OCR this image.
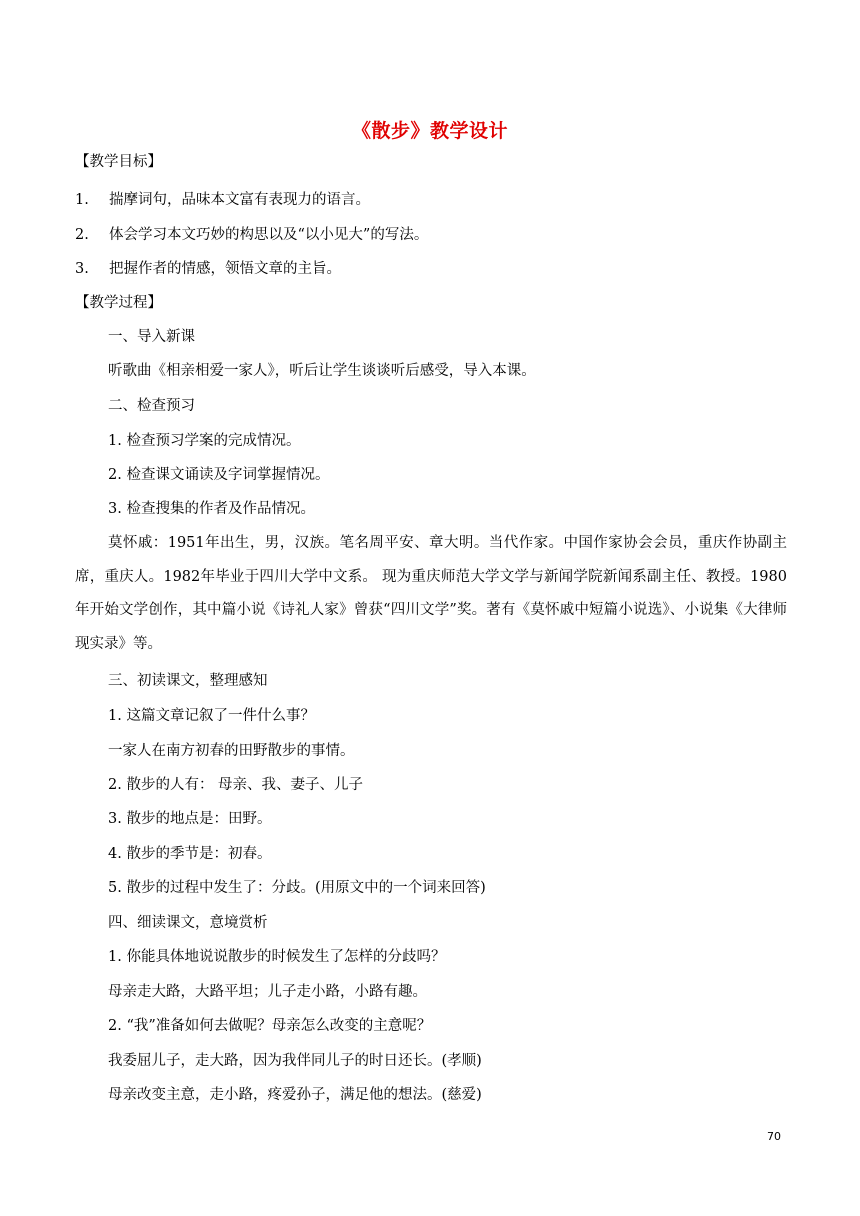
《散步》教学设计
【教学目标】
1. 揣摩词句，品味本文富有表现力的语言。
2. 体会学习本文巧妙的构思以及“以小见大”的写法。
3. 把握作者的情感，领悟文章的主旨。
【教学过程】
一、导入新课
听歌曲《相亲相爱一家人》，听后让学生谈谈听后感受，导入本课。
二、检查预习
1. 检查预习学案的完成情况。
2. 检查课文诵读及字词掌握情况。
3. 检查搜集的作者及作品情况。
莫怀戚：1951年出生，男，汉族。笔名周平安、章大明。当代作家。中国作家协会会员，重庆作协副主席，重庆人。1982年毕业于四川大学中文系。 现为重庆师范大学文学与新闻学院新闻系副主任、教授。1980年开始文学创作，其中篇小说《诗礼人家》曾获“四川文学”奖。著有《莫怀戚中短篇小说选》、小说集《大律师现实录》等。
三、初读课文，整理感知
1. 这篇文章记叙了一件什么事？
一家人在南方初春的田野散步的事情。
2. 散步的人有： 母亲、我、妻子、儿子
3. 散步的地点是：田野。
4. 散步的季节是：初春。
5. 散步的过程中发生了：分歧。(用原文中的一个词来回答)
四、细读课文，意境赏析
1. 你能具体地说说散步的时候发生了怎样的分歧吗？
母亲走大路，大路平坦；儿子走小路，小路有趣。
2. “我”准备如何去做呢？母亲怎么改变的主意呢？
我委屈儿子，走大路，因为我伴同儿子的时日还长。(孝顺)
母亲改变主意，走小路，疼爱孙子，满足他的想法。(慈爱)
70
